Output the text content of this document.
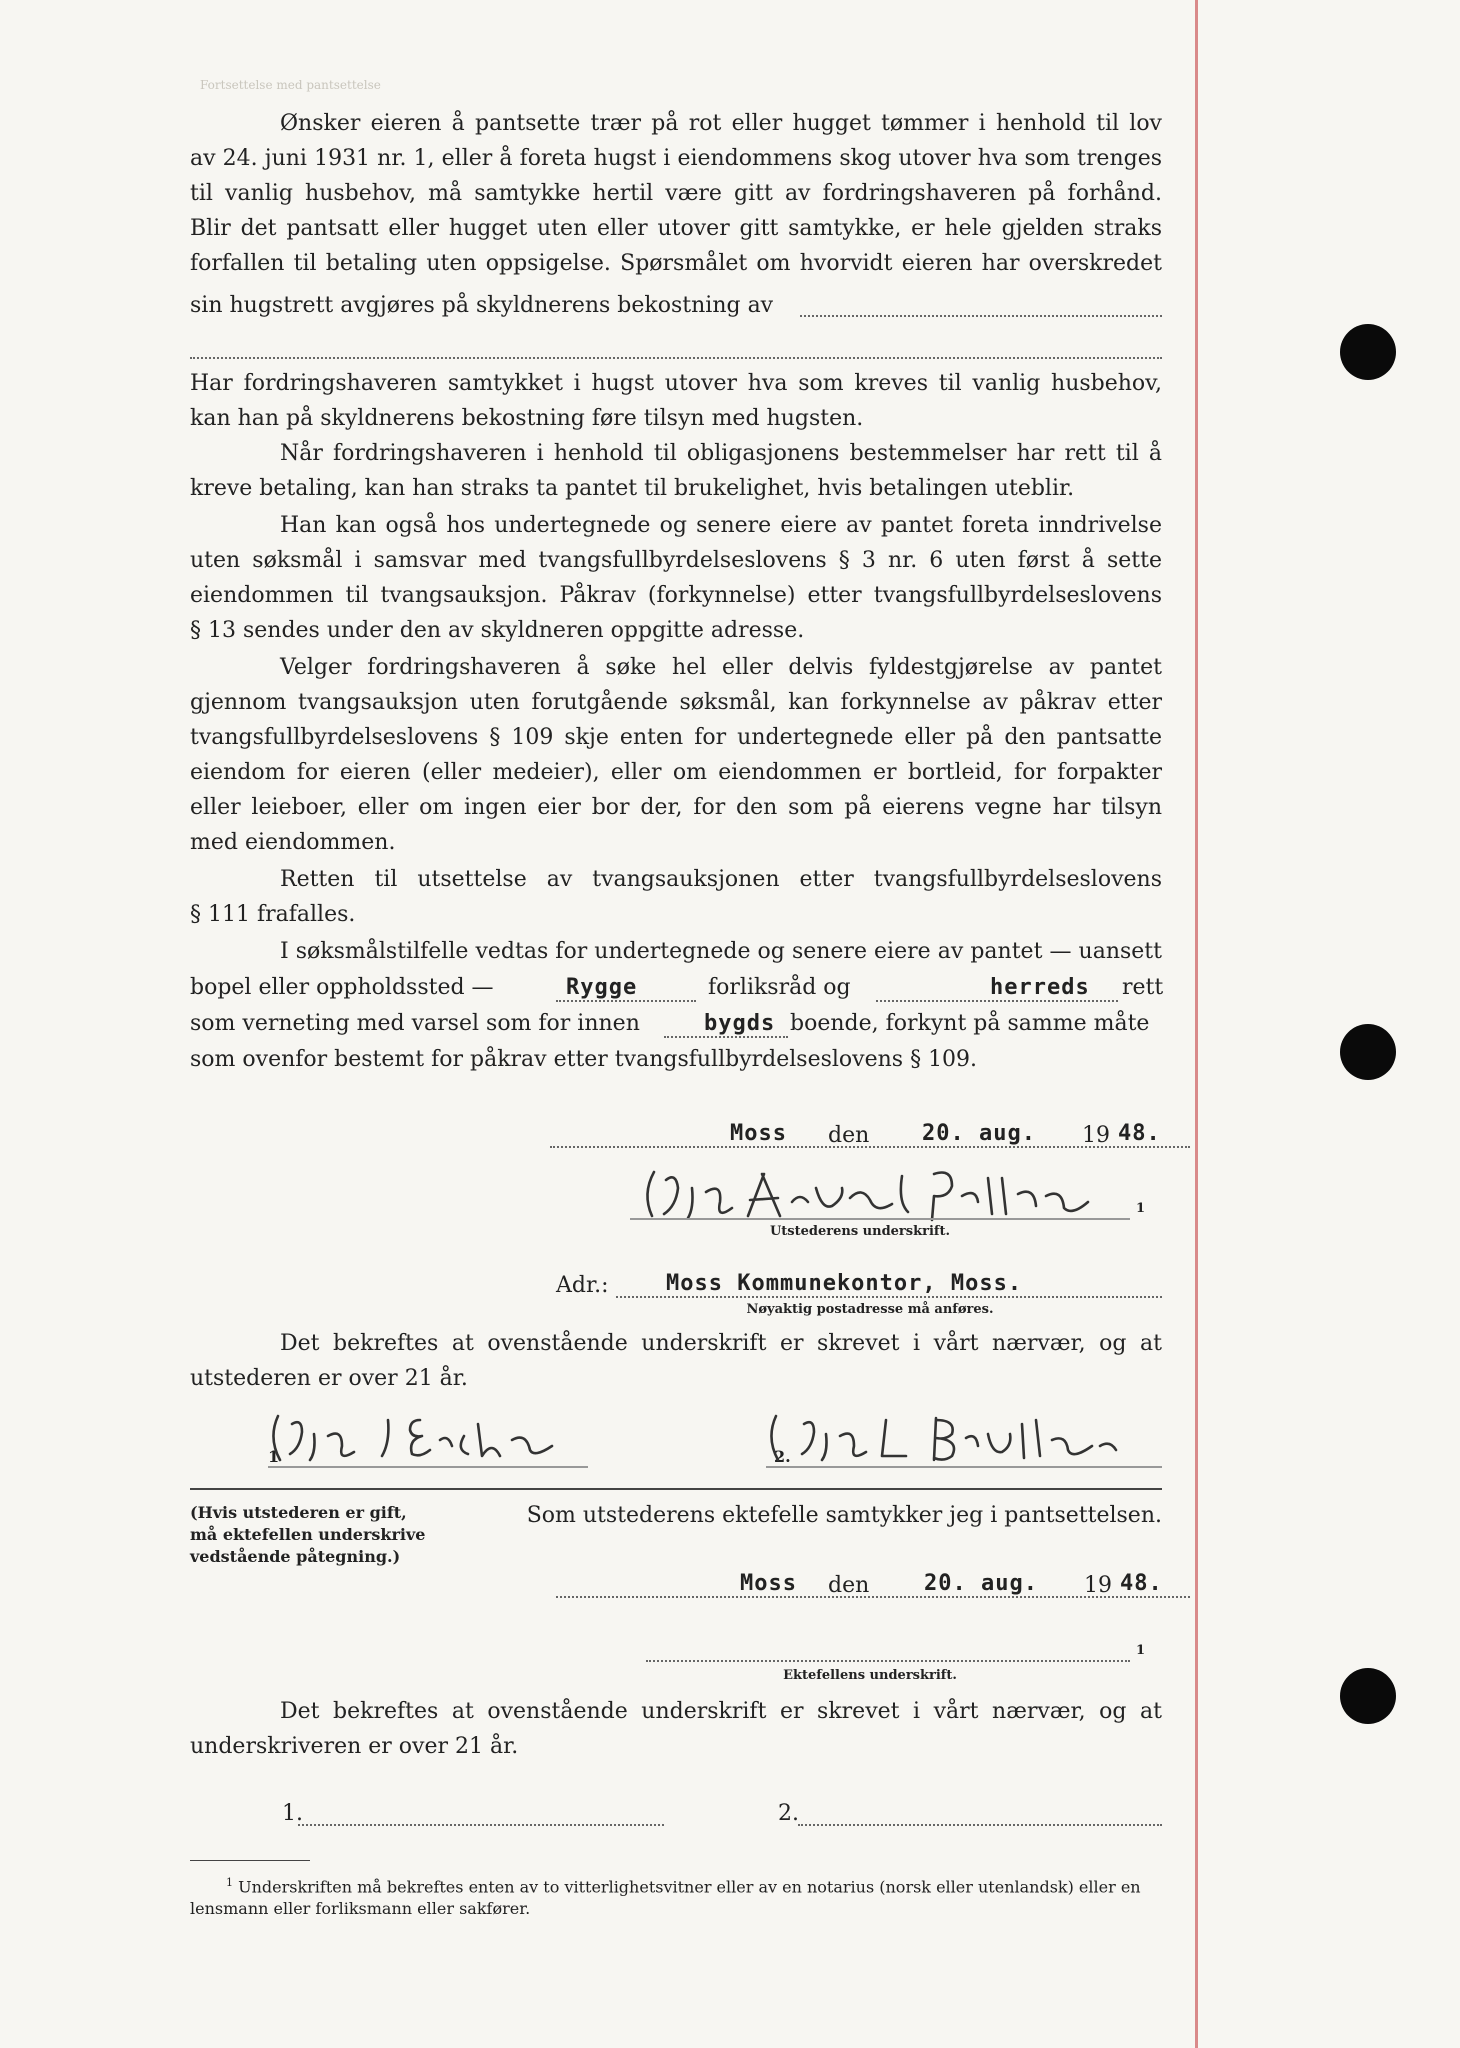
Fortsettelse med pantsettelse
Ønsker eieren å pantsette trær på rot eller hugget tømmer i henhold til lov
av 24. juni 1931 nr. 1, eller å foreta hugst i eiendommens skog utover hva som trenges
til vanlig husbehov, må samtykke hertil være gitt av fordringshaveren på forhånd.
Blir det pantsatt eller hugget uten eller utover gitt samtykke, er hele gjelden straks
forfallen til betaling uten oppsigelse. Spørsmålet om hvorvidt eieren har overskredet
sin hugstrett avgjøres på skyldnerens bekostning av
Har fordringshaveren samtykket i hugst utover hva som kreves til vanlig husbehov,
kan han på skyldnerens bekostning føre tilsyn med hugsten.
Når fordringshaveren i henhold til obligasjonens bestemmelser har rett til å
kreve betaling, kan han straks ta pantet til brukelighet, hvis betalingen uteblir.
Han kan også hos undertegnede og senere eiere av pantet foreta inndrivelse
uten søksmål i samsvar med tvangsfullbyrdelseslovens § 3 nr. 6 uten først å sette
eiendommen til tvangsauksjon. Påkrav (forkynnelse) etter tvangsfullbyrdelseslovens
§ 13 sendes under den av skyldneren oppgitte adresse.
Velger fordringshaveren å søke hel eller delvis fyldestgjørelse av pantet
gjennom tvangsauksjon uten forutgående søksmål, kan forkynnelse av påkrav etter
tvangsfullbyrdelseslovens § 109 skje enten for undertegnede eller på den pantsatte
eiendom for eieren (eller medeier), eller om eiendommen er bortleid, for forpakter
eller leieboer, eller om ingen eier bor der, for den som på eierens vegne har tilsyn
med eiendommen.
Retten til utsettelse av tvangsauksjonen etter tvangsfullbyrdelseslovens
§ 111 frafalles.
I søksmålstilfelle vedtas for undertegnede og senere eiere av pantet — uansett
bopel eller oppholdssted —	Rygge	forliksråd og	herreds rett
som verneting med varsel som for innen	bygds boende, forkynt på samme måte
som ovenfor bestemt for påkrav etter tvangsfullbyrdelseslovens § 109.
Moss den 20. aug. 19 48.
1
Utstederens underskrift.
Adr.:	Moss Kommunekontor, Moss.
Nøyaktig postadresse må anføres.
Det bekreftes at ovenstående underskrift er skrevet i vårt nærvær, og at
utstederen er over 21 år.
1	2.
(Hvis utstederen er gift,
må ektefellen underskrive
vedstående påtegning.)
Som utstederens ektefelle samtykker jeg i pantsettelsen.
Moss den 20. aug. 19 48.
1
Ektefellens underskrift.
Det bekreftes at ovenstående underskrift er skrevet i vårt nærvær, og at
underskriveren er over 21 år.
1.	2.
$^1$ Underskriften må bekreftes enten av to vitterlighetsvitner eller av en notarius (norsk eller utenlandsk) eller en lensmann eller forliksmann eller sakfører.
